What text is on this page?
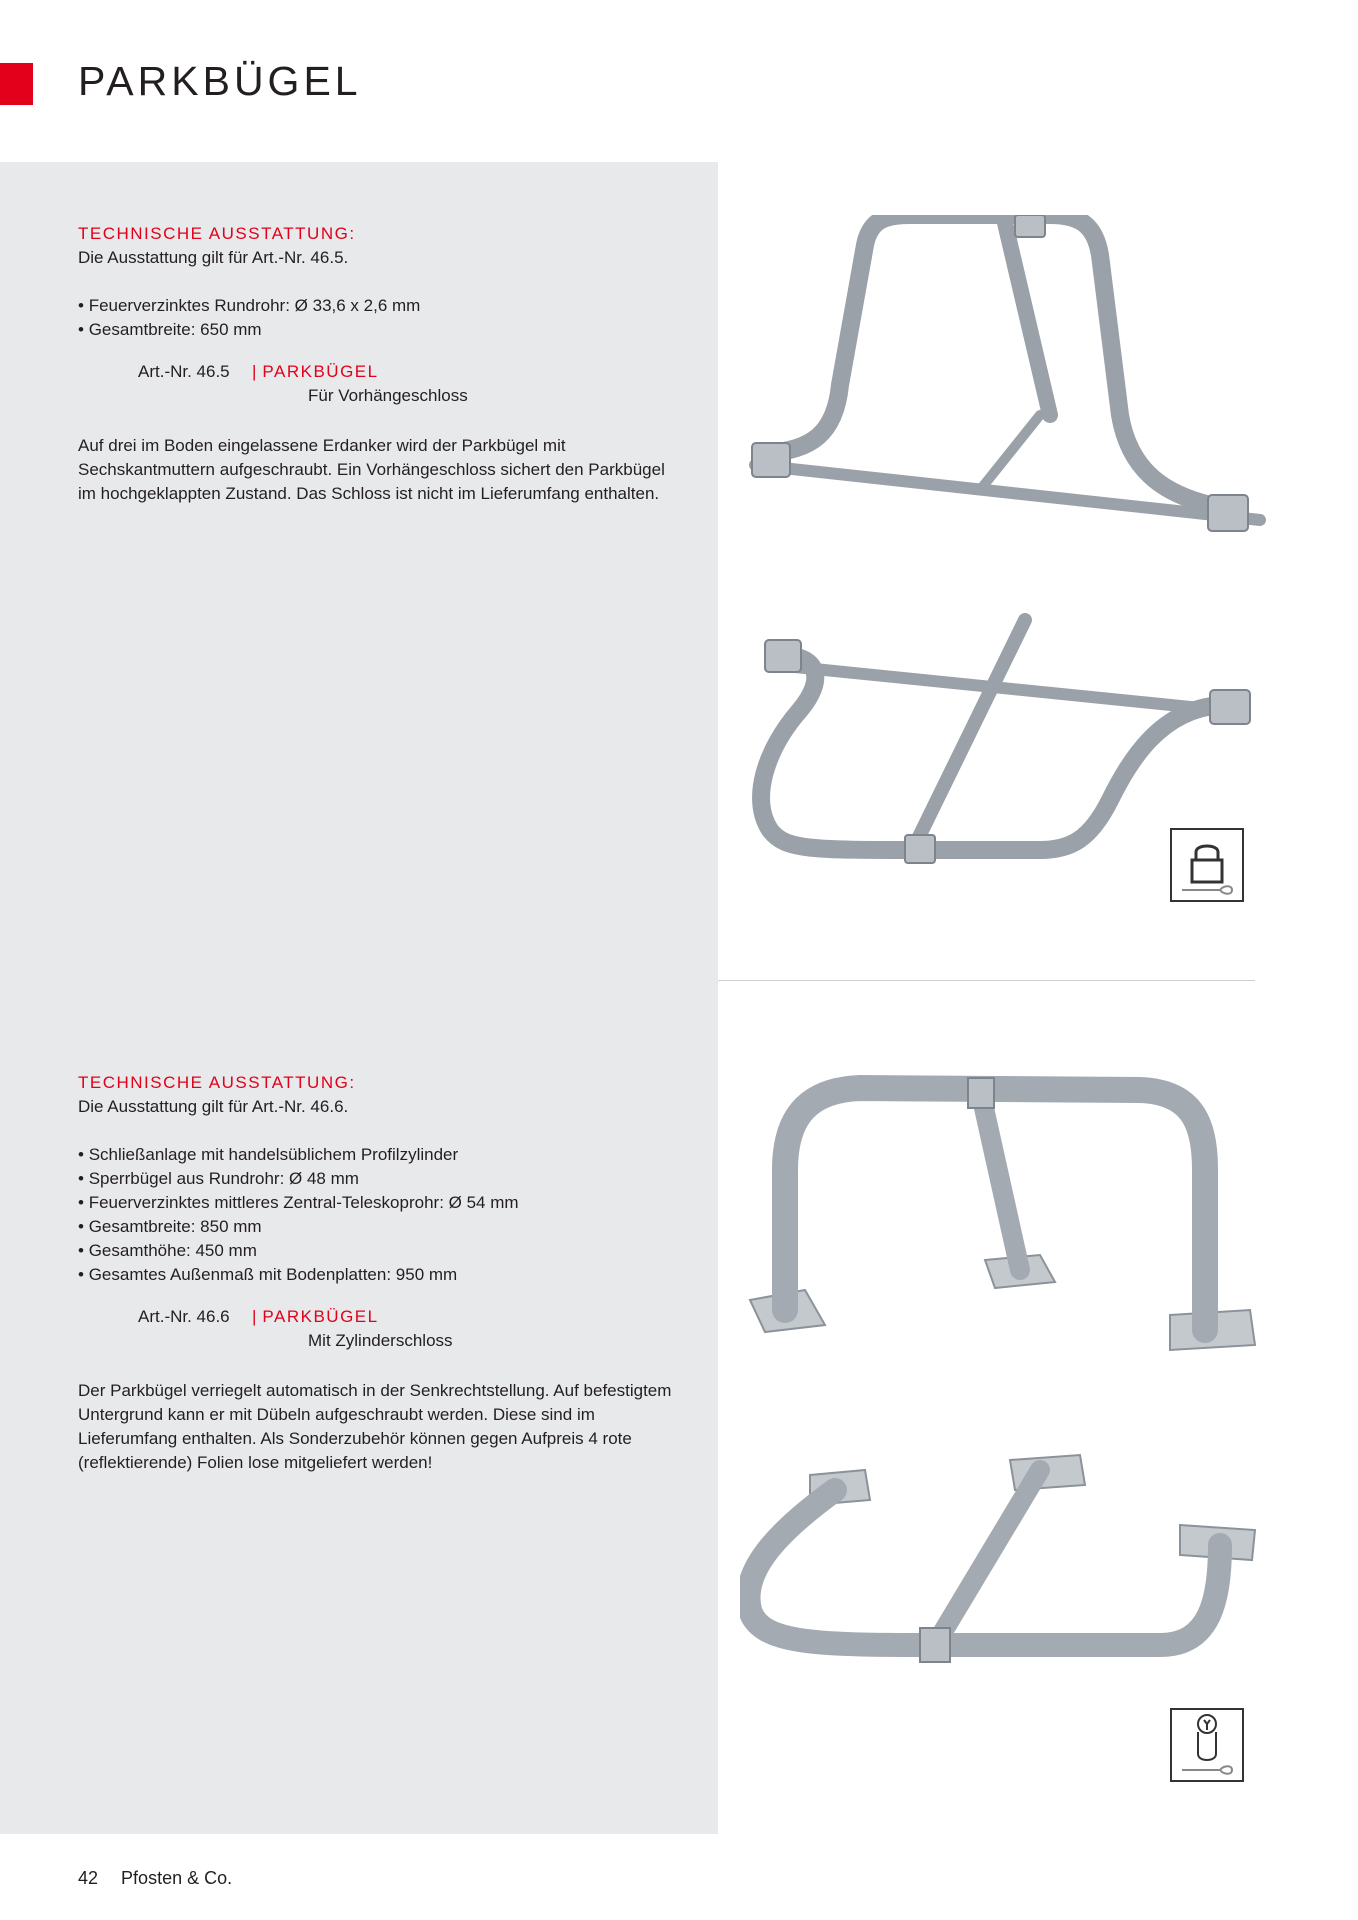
PARKBÜGEL

TECHNISCHE AUSSTATTUNG:

Die Ausstattung gilt für Art.-Nr. 46.5.

• Feuerverzinktes Rundrohr: Ø 33,6 x 2,6 mm
• Gesamtbreite: 650 mm
Art.-Nr. 46.5	| PARKBÜGEL
Für Vorhängeschloss

Auf drei im Boden eingelassene Erdanker wird der Parkbügel mit Sechskantmuttern aufgeschraubt. Ein Vorhängeschloss sichert den Parkbügel im hochgeklappten Zustand. Das Schloss ist nicht im Lieferumfang enthalten.

TECHNISCHE AUSSTATTUNG:

Die Ausstattung gilt für Art.-Nr. 46.6.

• Schließanlage mit handelsüblichem Profilzylinder
• Sperrbügel aus Rundrohr: Ø 48 mm
• Feuerverzinktes mittleres Zentral-Teleskoprohr: Ø 54 mm
• Gesamtbreite: 850 mm
• Gesamthöhe: 450 mm
• Gesamtes Außenmaß mit Bodenplatten: 950 mm
Art.-Nr. 46.6	| PARKBÜGEL
Mit Zylinderschloss

Der Parkbügel verriegelt automatisch in der Senkrechtstellung. Auf befestigtem Untergrund kann er mit Dübeln aufgeschraubt werden. Diese sind im Lieferumfang enthalten. Als Sonderzubehör können gegen Aufpreis 4 rote (reflektierende) Folien lose mitgeliefert werden!

42 Pfosten & Co.
